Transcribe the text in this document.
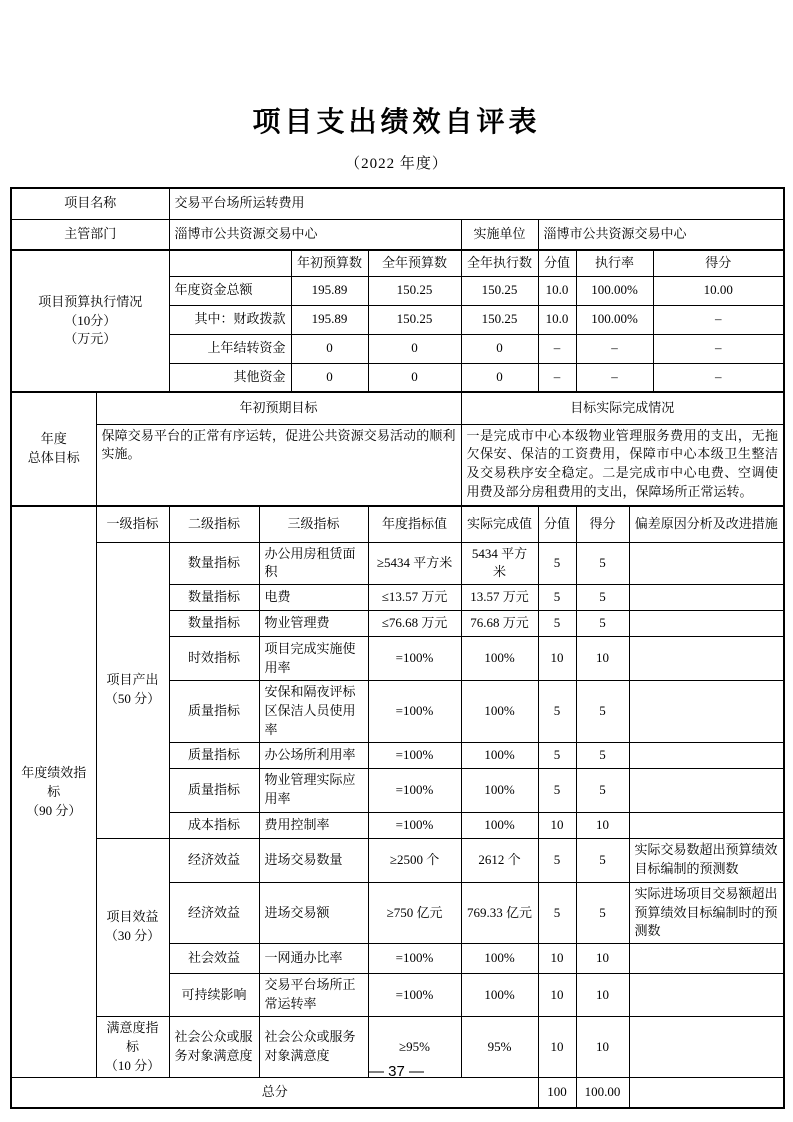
项目支出绩效自评表
（2022 年度）
项目名称		交易平台场所运转费用								
主管部门		淄博市公共资源交易中心				实施单位	淄博市公共资源交易中心			

项目预算执行情况
（10分）
（万元）				年初预算数	全年预算数	全年执行数	分值	执行率		得分
		年度资金总额		195.89	150.25	150.25	10.0	100.00%		10.00
		其中：财政拨款		195.89	150.25	150.25	10.0	100.00%		–
		上年结转资金		0	0	0	–	–		–
		其他资金		0	0	0	–	–		–

年度
总体目标	年初预期目标					目标实际完成情况				
	保障交易平台的正常有序运转，促进公共资源交易活动的顺利实施。					一是完成市中心本级物业管理服务费用的支出，无拖欠保安、保洁的工资费用，保障市中心本级卫生整洁及交易秩序安全稳定。二是完成市中心电费、空调使用费及部分房租费用的支出，保障场所正常运转。				

年度绩效指标
（90 分）	一级指标	二级指标	三级指标		年度指标值	实际完成值	分值	得分	偏差原因分析及改进措施	

	项目产出
（50 分）	数量指标	办公用房租赁面积		≥5434 平方米	5434 平方米	5	5		
		数量指标	电费		≤13.57 万元	13.57 万元	5	5		
		数量指标	物业管理费		≤76.68 万元	76.68 万元	5	5		
		时效指标	项目完成实施使用率		=100%	100%	10	10		
		质量指标	安保和隔夜评标区保洁人员使用率		=100%	100%	5	5		
		质量指标	办公场所利用率		=100%	100%	5	5		
		质量指标	物业管理实际应用率		=100%	100%	5	5		
		成本指标	费用控制率		=100%	100%	10	10		

	项目效益
（30 分）	经济效益	进场交易数量		≥2500 个	2612 个	5	5	实际交易数超出预算绩效目标编制的预测数	
		经济效益	进场交易额		≥750 亿元	769.33 亿元	5	5	实际进场项目交易额超出预算绩效目标编制时的预测数	
		社会效益	一网通办比率		=100%	100%	10	10		
		可持续影响	交易平台场所正常运转率		=100%	100%	10	10		

	满意度指标
（10 分）	社会公众或服务对象满意度	社会公众或服务对象满意度		≥95%	95%	10	10		
总分							100	100.00		
— 37 —
